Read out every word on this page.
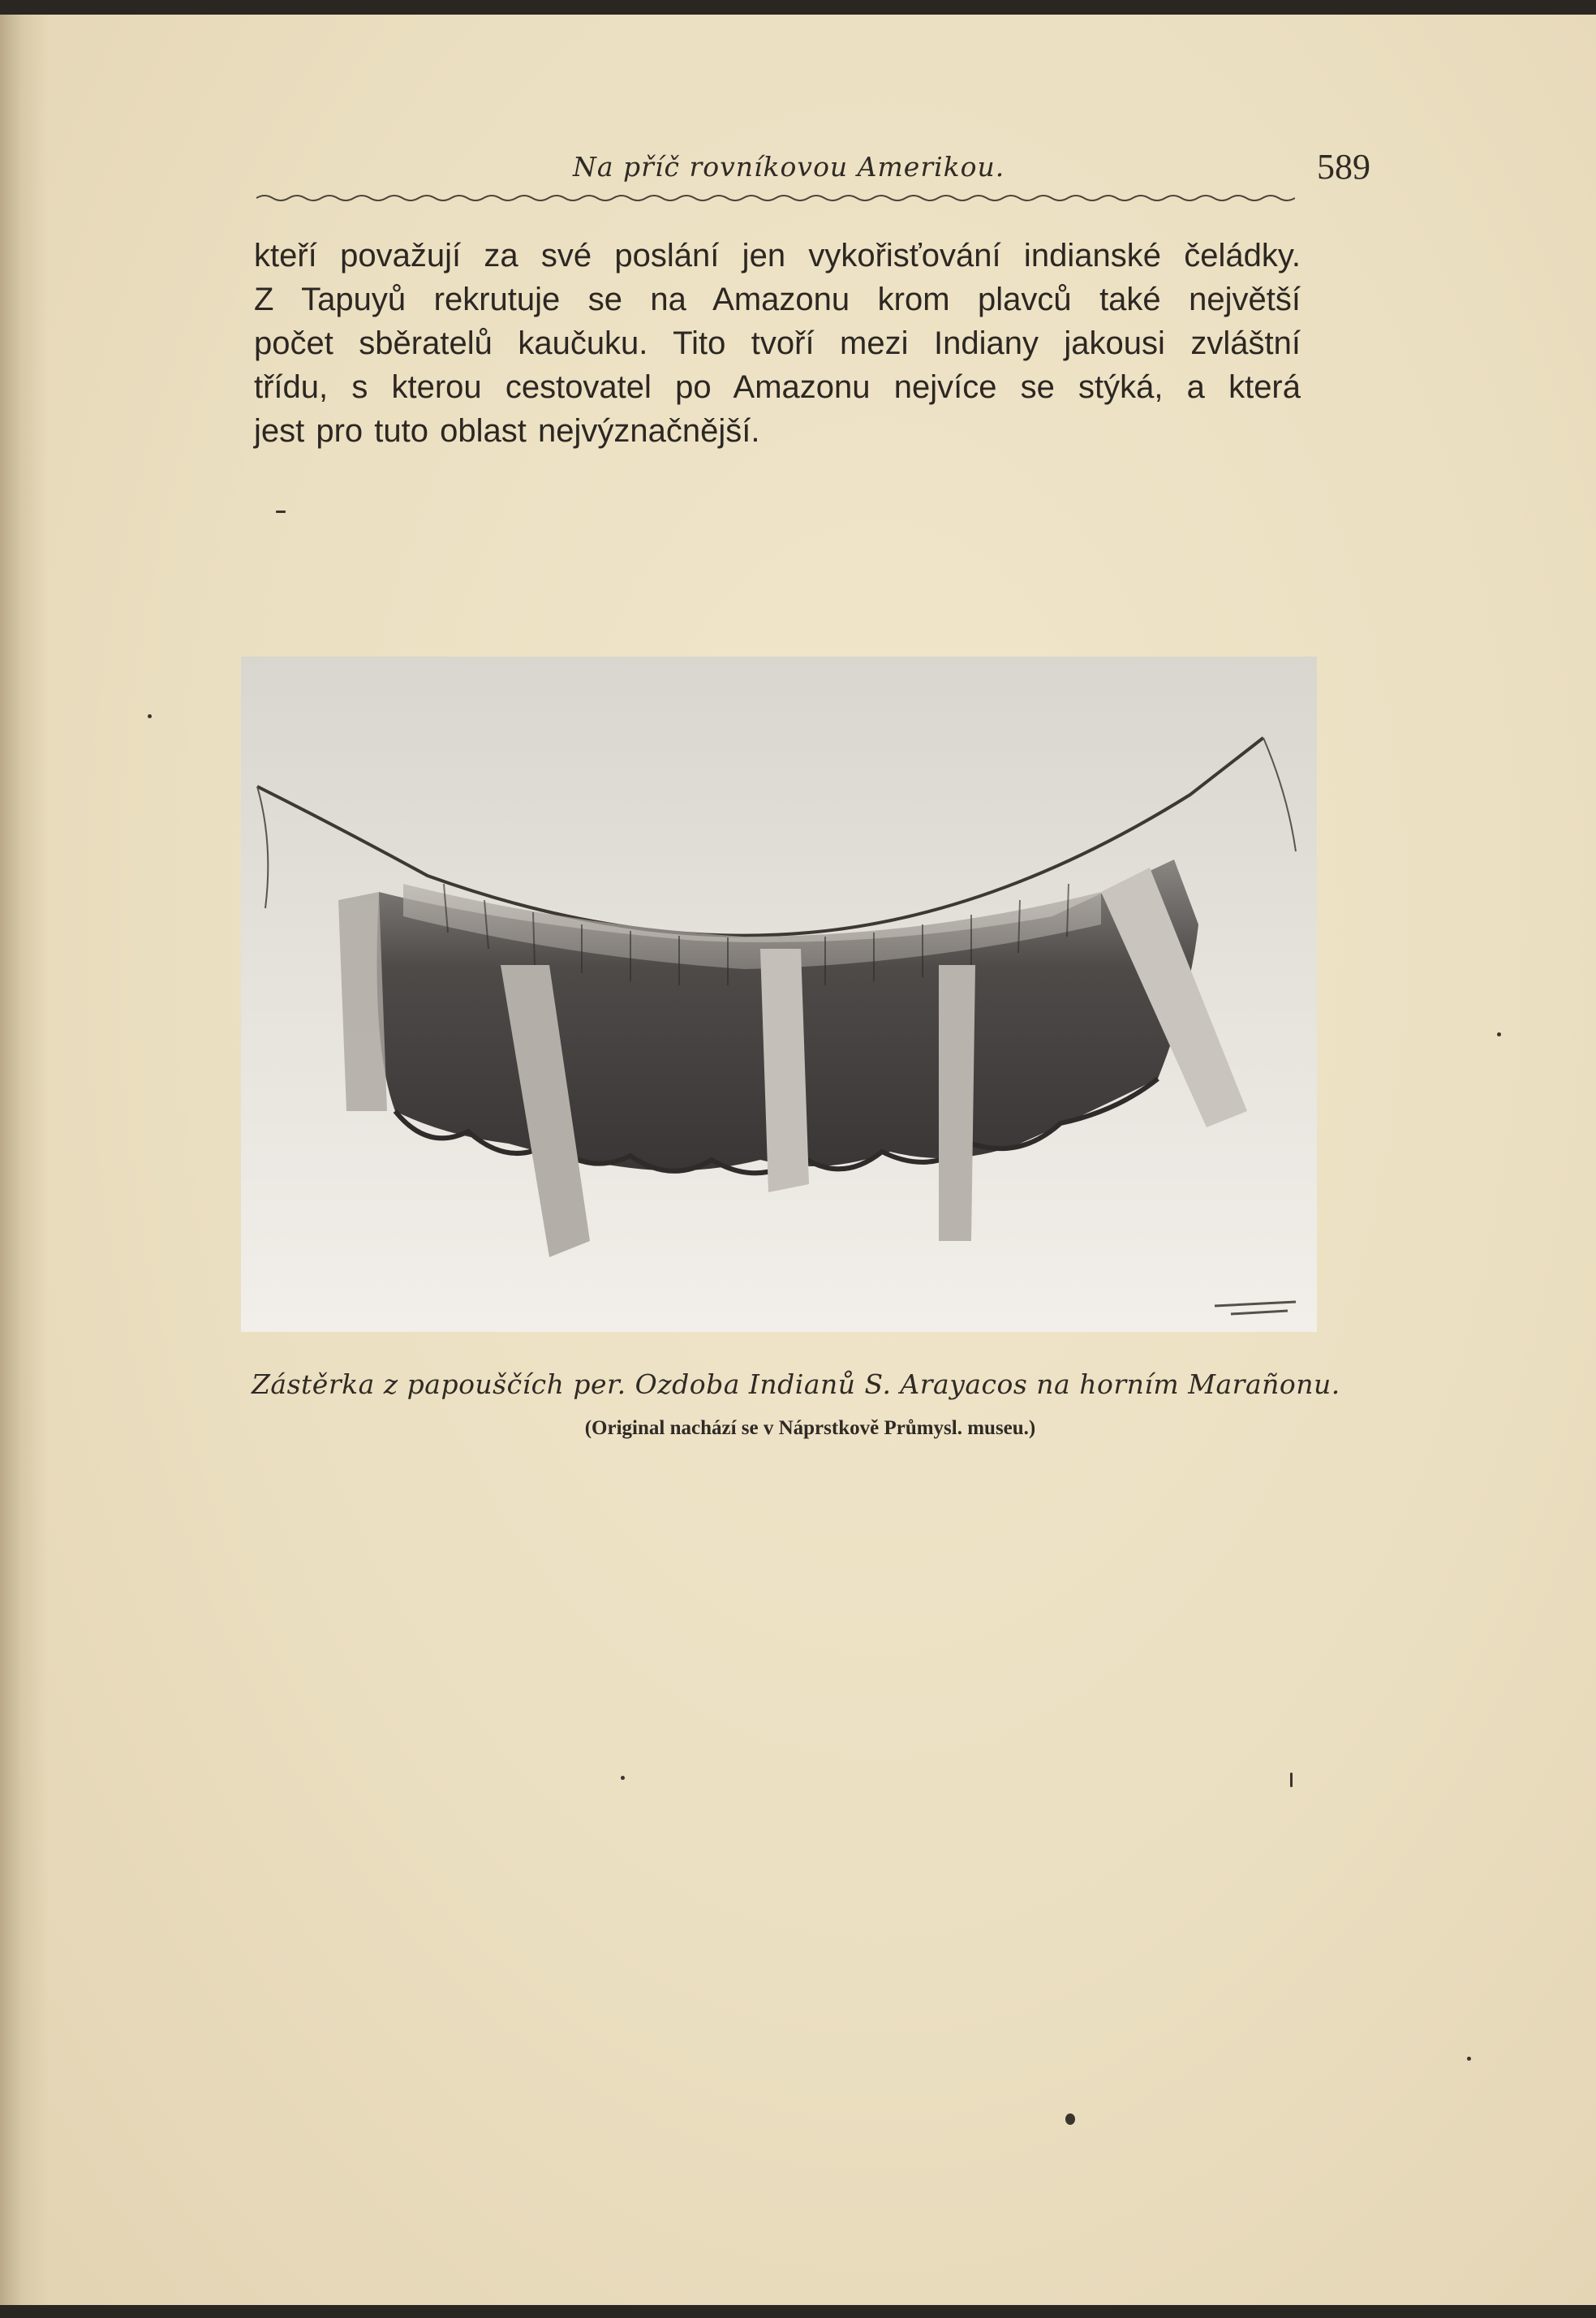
Na příč rovníkovou Amerikou.	589
kteří považují za své poslání jen vykořisťování indianské čeládky.
Z Tapuyů rekrutuje se na Amazonu krom plavců také největší
počet sběratelů kaučuku. Tito tvoří mezi Indiany jakousi zvláštní
třídu, s kterou cestovatel po Amazonu nejvíce se stýká, a která
jest pro tuto oblast nejvýznačnější.
Zástěrka z papouščích per. Ozdoba Indianů S. Arayacos na horním Marañonu.
(Original nachází se v Náprstkově Průmysl. museu.)
